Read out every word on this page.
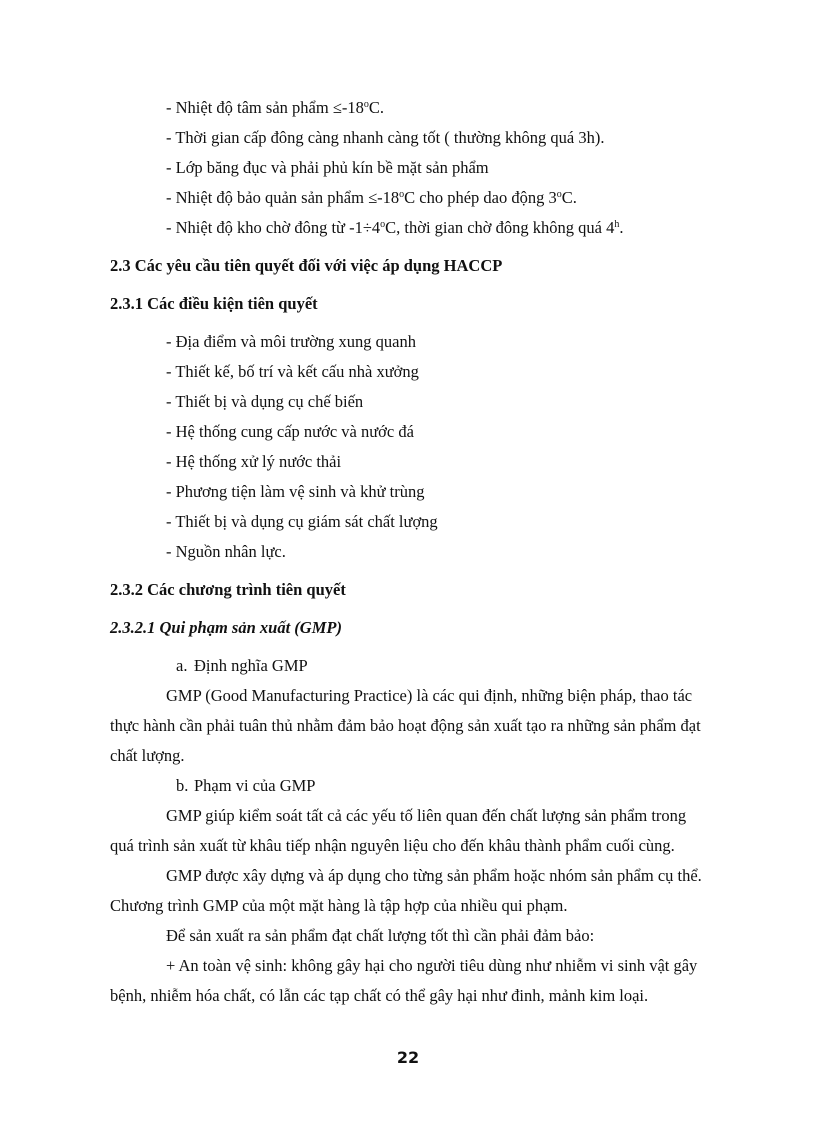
- Nhiệt độ tâm sản phẩm $\le-18^oC$.
- Thời gian cấp đông càng nhanh càng tốt ( thường không quá 3h).
- Lớp băng đục và phải phủ kín bề mặt sản phẩm
- Nhiệt độ bảo quản sản phẩm $\le-18^oC$ cho phép dao động 3$^o$C.
- Nhiệt độ kho chờ đông từ $-1\div 4^oC$, thời gian chờ đông không quá 4$^h$.
2.3 Các yêu cầu tiên quyết đối với việc áp dụng HACCP
2.3.1 Các điều kiện tiên quyết
- Địa điểm và môi trường xung quanh
- Thiết kế, bố trí và kết cấu nhà xưởng
- Thiết bị và dụng cụ chế biến
- Hệ thống cung cấp nước và nước đá
- Hệ thống xử lý nước thải
- Phương tiện làm vệ sinh và khử trùng
- Thiết bị và dụng cụ giám sát chất lượng
- Nguồn nhân lực.
2.3.2 Các chương trình tiên quyết
2.3.2.1 Qui phạm sản xuất (GMP)
a. Định nghĩa GMP
GMP (Good Manufacturing Practice) là các qui định, những biện pháp, thao tác
thực hành cần phải tuân thủ nhằm đảm bảo hoạt động sản xuất tạo ra những sản phẩm đạt
chất lượng.
b. Phạm vi của GMP
GMP giúp kiểm soát tất cả các yếu tố liên quan đến chất lượng sản phẩm trong
quá trình sản xuất từ khâu tiếp nhận nguyên liệu cho đến khâu thành phẩm cuối cùng.
GMP được xây dựng và áp dụng cho từng sản phẩm hoặc nhóm sản phẩm cụ thể.
Chương trình GMP của một mặt hàng là tập hợp của nhiều qui phạm.
Để sản xuất ra sản phẩm đạt chất lượng tốt thì cần phải đảm bảo:
+ An toàn vệ sinh: không gây hại cho người tiêu dùng như nhiễm vi sinh vật gây
bệnh, nhiễm hóa chất, có lẫn các tạp chất có thể gây hại như đinh, mảnh kim loại.
22
